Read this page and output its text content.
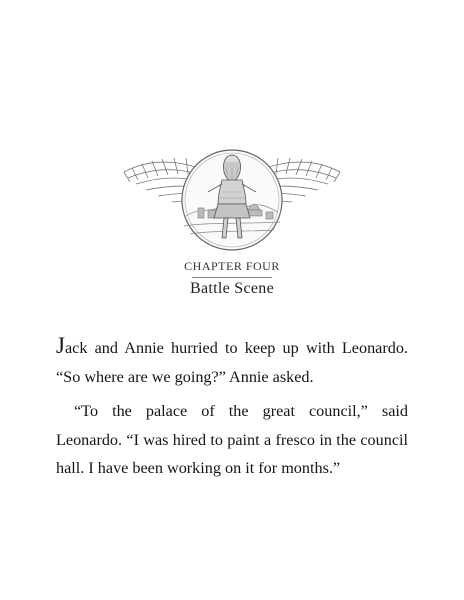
CHAPTER FOUR
Battle Scene

Jack and Annie hurried to keep up with Leonardo. “So where are we going?” Annie asked.

“To the palace of the great council,” said Leonardo. “I was hired to paint a fresco in the council hall. I have been working on it for months.”
